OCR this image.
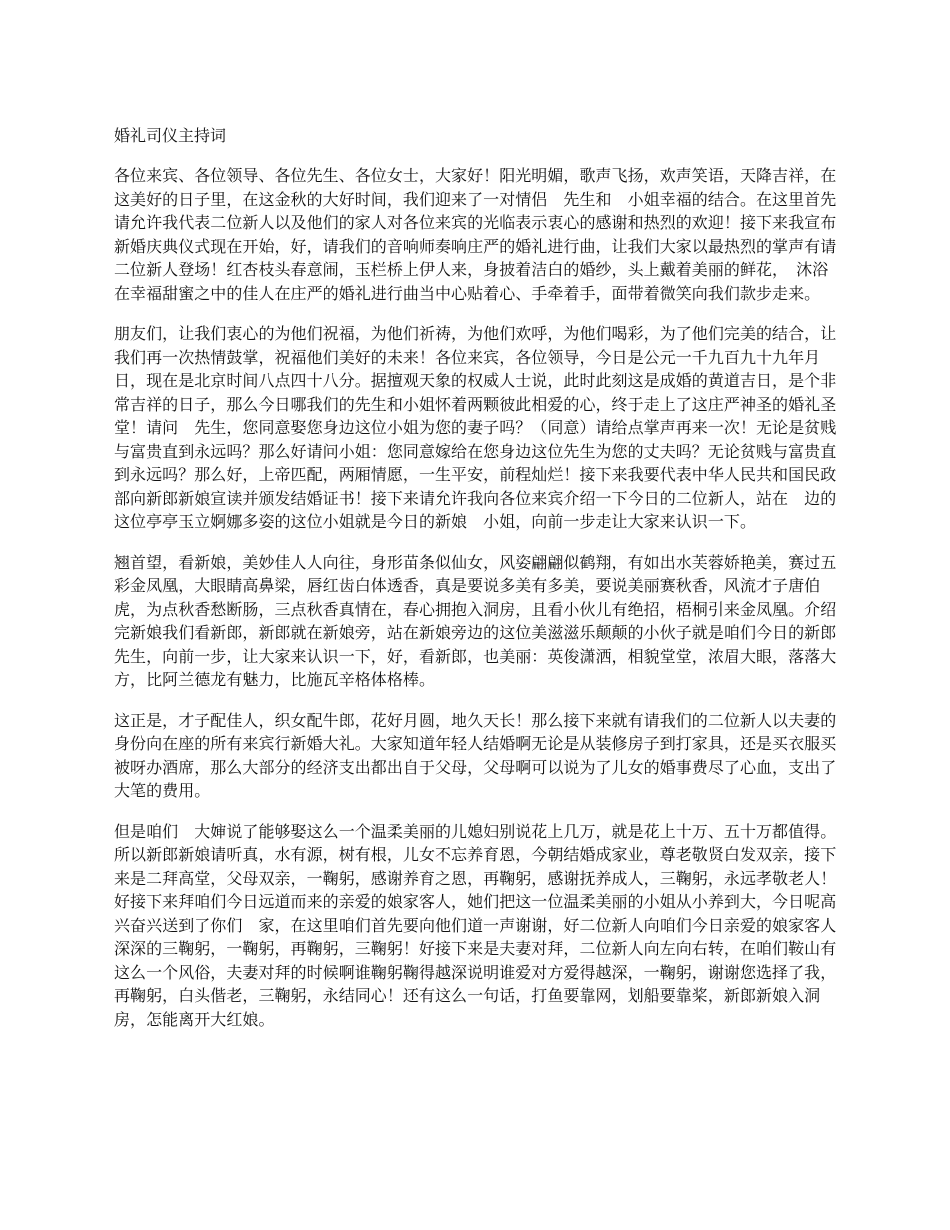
婚礼司仪主持词

各位来宾、各位领导、各位先生、各位女士，大家好！阳光明媚，歌声飞扬，欢声笑语，天降吉祥，在这美好的日子里，在这金秋的大好时间，我们迎来了一对情侣　先生和　小姐幸福的结合。在这里首先请允许我代表二位新人以及他们的家人对各位来宾的光临表示衷心的感谢和热烈的欢迎！接下来我宣布新婚庆典仪式现在开始，好，请我们的音响师奏响庄严的婚礼进行曲，让我们大家以最热烈的掌声有请二位新人登场！红杏枝头春意闹，玉栏桥上伊人来，身披着洁白的婚纱，头上戴着美丽的鲜花，　沐浴在幸福甜蜜之中的佳人在庄严的婚礼进行曲当中心贴着心、手牵着手，面带着微笑向我们款步走来。

朋友们，让我们衷心的为他们祝福，为他们祈祷，为他们欢呼，为他们喝彩，为了他们完美的结合，让我们再一次热情鼓掌，祝福他们美好的未来！各位来宾，各位领导，今日是公元一千九百九十九年月　日，现在是北京时间八点四十八分。据擅观天象的权威人士说，此时此刻这是成婚的黄道吉日，是个非常吉祥的日子，那么今日哪我们的先生和小姐怀着两颗彼此相爱的心，终于走上了这庄严神圣的婚礼圣堂！请问　先生，您同意娶您身边这位小姐为您的妻子吗？（同意）请给点掌声再来一次！无论是贫贱与富贵直到永远吗？那么好请问小姐：您同意嫁给在您身边这位先生为您的丈夫吗？无论贫贱与富贵直到永远吗？那么好，上帝匹配，两厢情愿，一生平安，前程灿烂！接下来我要代表中华人民共和国民政部向新郎新娘宣读并颁发结婚证书！接下来请允许我向各位来宾介绍一下今日的二位新人，站在　边的这位亭亭玉立婀娜多姿的这位小姐就是今日的新娘　小姐，向前一步走让大家来认识一下。

翘首望，看新娘，美妙佳人人向往，身形苗条似仙女，风姿翩翩似鹤翔，有如出水芙蓉娇艳美，赛过五彩金凤凰，大眼睛高鼻梁，唇红齿白体透香，真是要说多美有多美，要说美丽赛秋香，风流才子唐伯虎，为点秋香愁断肠，三点秋香真情在，春心拥抱入洞房，且看小伙儿有绝招，梧桐引来金凤凰。介绍完新娘我们看新郎，新郎就在新娘旁，站在新娘旁边的这位美滋滋乐颠颠的小伙子就是咱们今日的新郎　先生，向前一步，让大家来认识一下，好，看新郎，也美丽：英俊潇洒，相貌堂堂，浓眉大眼，落落大方，比阿兰德龙有魅力，比施瓦辛格体格棒。

这正是，才子配佳人，织女配牛郎，花好月圆，地久天长！那么接下来就有请我们的二位新人以夫妻的身份向在座的所有来宾行新婚大礼。大家知道年轻人结婚啊无论是从装修房子到打家具，还是买衣服买被呀办酒席，那么大部分的经济支出都出自于父母，父母啊可以说为了儿女的婚事费尽了心血，支出了大笔的费用。

但是咱们　大婶说了能够娶这么一个温柔美丽的儿媳妇别说花上几万，就是花上十万、五十万都值得。所以新郎新娘请听真，水有源，树有根，儿女不忘养育恩，今朝结婚成家业，尊老敬贤白发双亲，接下来是二拜高堂，父母双亲，一鞠躬，感谢养育之恩，再鞠躬，感谢抚养成人，三鞠躬，永远孝敬老人！好接下来拜咱们今日远道而来的亲爱的娘家客人，她们把这一位温柔美丽的小姐从小养到大，今日呢高兴奋兴送到了你们　家，在这里咱们首先要向他们道一声谢谢，好二位新人向咱们今日亲爱的娘家客人深深的三鞠躬，一鞠躬，再鞠躬，三鞠躬！好接下来是夫妻对拜，二位新人向左向右转，在咱们鞍山有这么一个风俗，夫妻对拜的时候啊谁鞠躬鞠得越深说明谁爱对方爱得越深，一鞠躬，谢谢您选择了我，再鞠躬，白头偕老，三鞠躬，永结同心！还有这么一句话，打鱼要靠网，划船要靠桨，新郎新娘入洞房，怎能离开大红娘。
